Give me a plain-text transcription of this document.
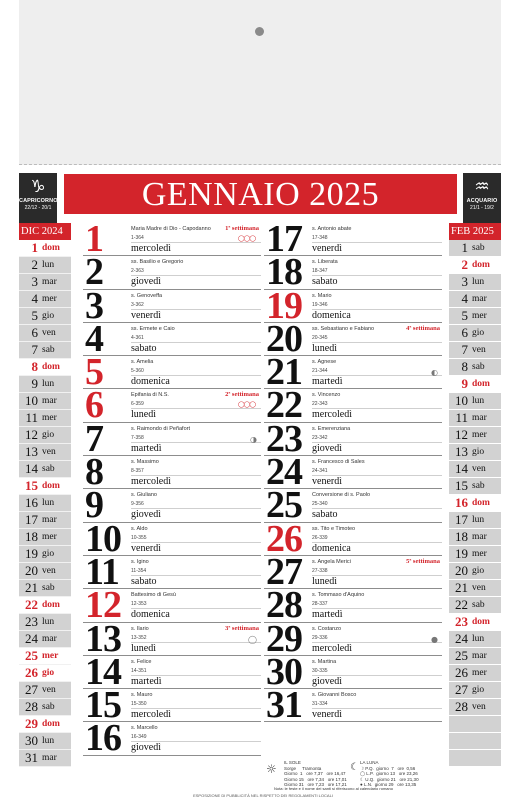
♑
CAPRICORNO
22/12 - 20/1	GENNAIO 2025	♒
ACQUARIO
21/1 - 19/2
DIC 2024
1 dom
2 lun
3 mar
4 mer
5 gio
6 ven
7 sab
8 dom
9 lun
10 mar
11 mer
12 gio
13 ven
14 sab
15 dom
16 lun
17 mar
18 mer
19 gio
20 ven
21 sab
22 dom
23 lun
24 mar
25 mer
26 gio
27 ven
28 sab
29 dom
30 lun
31 mar
1	Maria Madre di Dio - Capodanno
1-364
mercoledì
1ª settimana
◯◯◯
2	ss. Basilio e Gregorio
2-363
giovedì
3	s. Genoveffa
3-362
venerdì
4	ss. Ermete e Caio
4-361
sabato
5	s. Amelia
5-360
domenica
6	Epifania di N.S.
6-359
lunedì
2ª settimana
◯◯◯
7	s. Raimondo di Peñafort
7-358
martedì
◑
8	s. Massimo
8-357
mercoledì
9	s. Giuliano
9-356
giovedì
10 s. Aldo
10-355
venerdì
11 s. Igino
11-354
sabato
12 Battesimo di Gesù
12-353
domenica
13 s. Ilario
13-352
lunedì
3ª settimana
◯
14 s. Felice
14-351
martedì
15 s. Mauro
15-350
mercoledì
16 s. Marcello
16-349
giovedì
17 s. Antonio abate
17-348
venerdì
18 s. Liberata
18-347
sabato
19 s. Mario
19-346
domenica
20 ss. Sebastiano e Fabiano
20-345
lunedì
4ª settimana
21 s. Agnese
21-344
martedì
◐
22 s. Vincenzo
22-343
mercoledì
23 s. Emerenziana
23-342
giovedì
24 s. Francesco di Sales
24-341
venerdì
25 Conversione di s. Paolo
25-340
sabato
26 ss. Tito e Timoteo
26-339
domenica
27 s. Angela Merici
27-338
lunedì
5ª settimana
28 s. Tommaso d'Aquino
28-337
martedì
29 s. Costanzo
29-336
mercoledì
●
30 s. Martina
30-335
giovedì
31 s. Giovanni Bosco
31-334
venerdì
☼ IL SOLE
Sorge     Tramonta
Giorno  1   ore 7,37   ore 16,47
Giorno 15   ore 7,34   ore 17,01
Giorno 31   ore 7,23   ore 17,21
☾ LA LUNA
☽ P.Q.  giorno  7   ore  0,56
◯ L.P.  giorno 13   ore 23,26
☾ U.Q.  giorno 21   ore 21,30
● L.N.  giorno 29   ore 13,35
Nota: le feste e il nome dei santi si riferiscono al calendario romano
FEB 2025
1 sab
2 dom
3 lun
4 mar
5 mer
6 gio
7 ven
8 sab
9 dom
10 lun
11 mar
12 mer
13 gio
14 ven
15 sab
16 dom
17 lun
18 mar
19 mer
20 gio
21 ven
22 sab
23 dom
24 lun
25 mar
26 mer
27 gio
28 ven
ESPOSIZIONE DI PUBBLICITÀ NEL RISPETTO DEI REGOLAMENTI LOCALI
